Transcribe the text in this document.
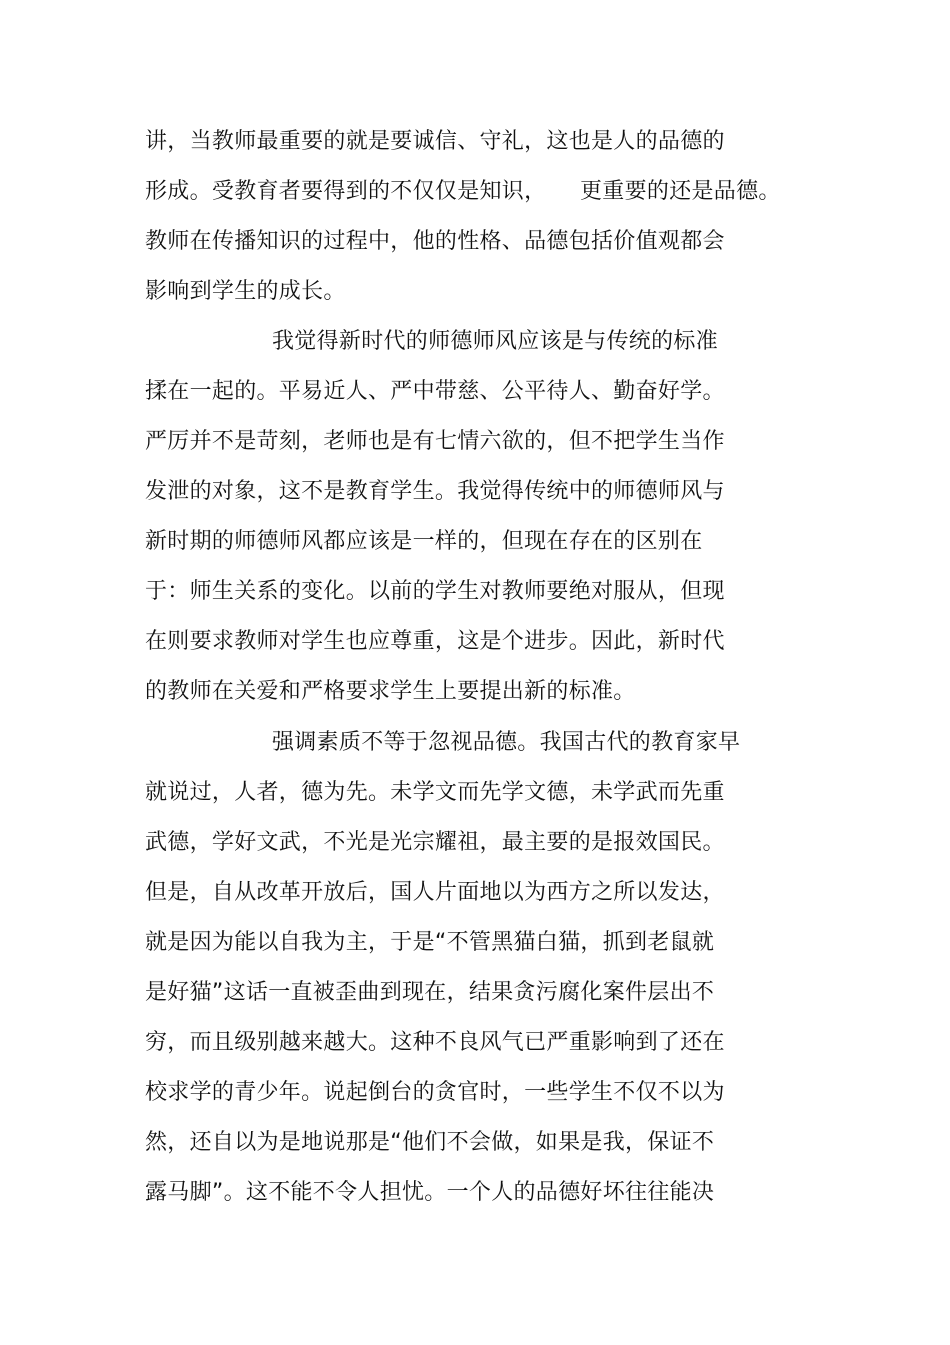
讲，当教师最重要的就是要诚信、守礼，这也是人的品德的
形成。受教育者要得到的不仅仅是知识，　　更重要的还是品德。
教师在传播知识的过程中，他的性格、品德包括价值观都会
影响到学生的成长。
我觉得新时代的师德师风应该是与传统的标准
揉在一起的。平易近人、严中带慈、公平待人、勤奋好学。
严厉并不是苛刻，老师也是有七情六欲的，但不把学生当作
发泄的对象，这不是教育学生。我觉得传统中的师德师风与
新时期的师德师风都应该是一样的，但现在存在的区别在
于：师生关系的变化。以前的学生对教师要绝对服从，但现
在则要求教师对学生也应尊重，这是个进步。因此，新时代
的教师在关爱和严格要求学生上要提出新的标准。
强调素质不等于忽视品德。我国古代的教育家早
就说过，人者，德为先。未学文而先学文德，未学武而先重
武德，学好文武，不光是光宗耀祖，最主要的是报效国民。
但是，自从改革开放后，国人片面地以为西方之所以发达，
就是因为能以自我为主，于是“不管黑猫白猫，抓到老鼠就
是好猫”这话一直被歪曲到现在，结果贪污腐化案件层出不
穷，而且级别越来越大。这种不良风气已严重影响到了还在
校求学的青少年。说起倒台的贪官时，一些学生不仅不以为
然，还自以为是地说那是“他们不会做，如果是我，保证不
露马脚”。这不能不令人担忧。一个人的品德好坏往往能决
